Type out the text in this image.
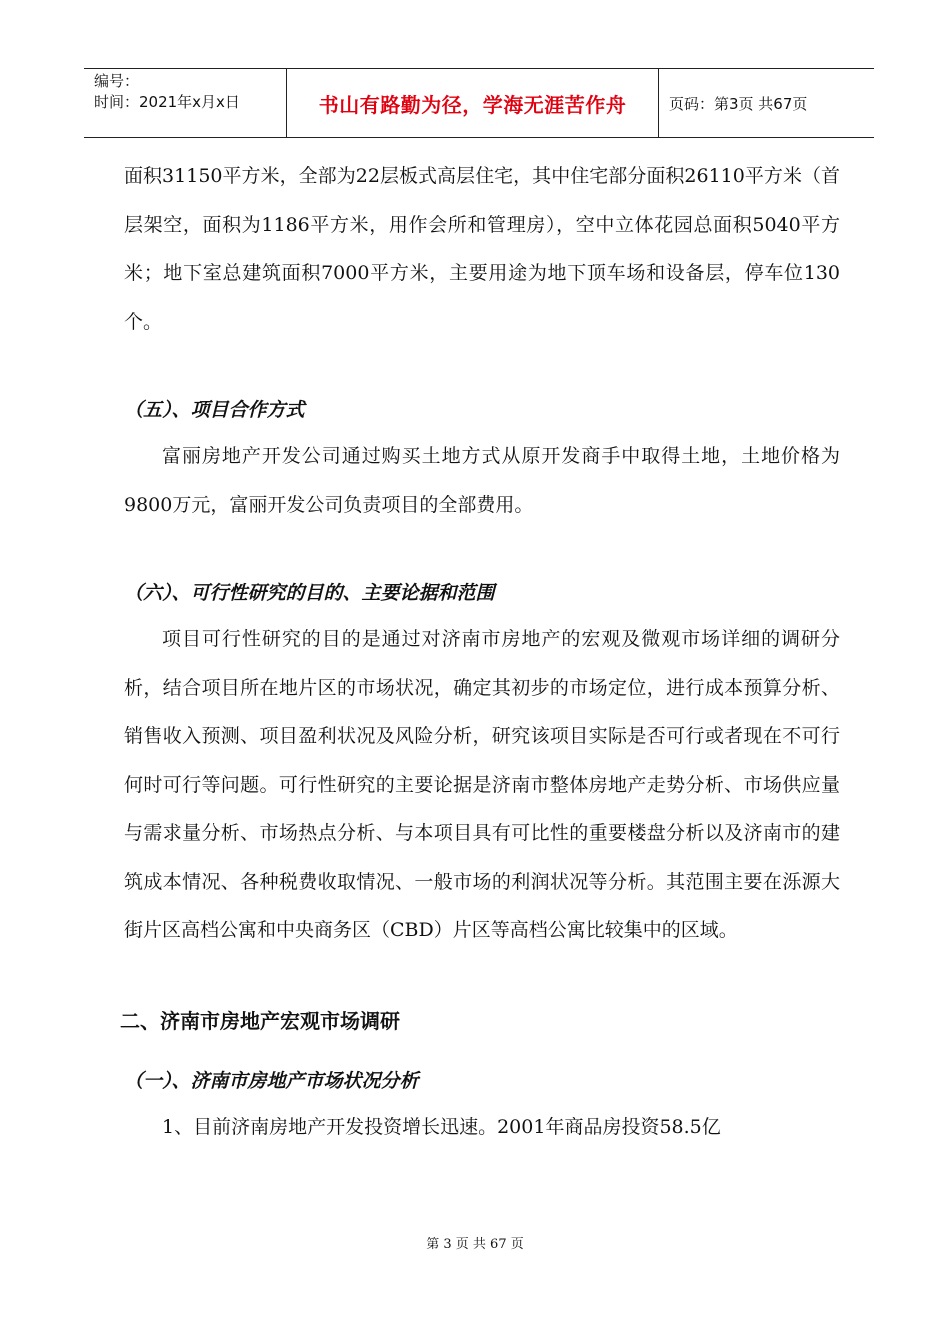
编号：
时间：2021年x月x日	书山有路勤为径，学海无涯苦作舟	页码：第3页 共67页

面积31150平方米，全部为22层板式高层住宅，其中住宅部分面积26110平方米（首层架空，面积为1186平方米，用作会所和管理房），空中立体花园总面积5040平方米；地下室总建筑面积7000平方米，主要用途为地下顶车场和设备层，停车位130个。

（五）、项目合作方式

富丽房地产开发公司通过购买土地方式从原开发商手中取得土地，土地价格为9800万元，富丽开发公司负责项目的全部费用。

（六）、可行性研究的目的、主要论据和范围

项目可行性研究的目的是通过对济南市房地产的宏观及微观市场详细的调研分析，结合项目所在地片区的市场状况，确定其初步的市场定位，进行成本预算分析、销售收入预测、项目盈利状况及风险分析，研究该项目实际是否可行或者现在不可行何时可行等问题。可行性研究的主要论据是济南市整体房地产走势分析、市场供应量与需求量分析、市场热点分析、与本项目具有可比性的重要楼盘分析以及济南市的建筑成本情况、各种税费收取情况、一般市场的利润状况等分析。其范围主要在泺源大街片区高档公寓和中央商务区（CBD）片区等高档公寓比较集中的区域。

二、济南市房地产宏观市场调研

（一）、济南市房地产市场状况分析

1、目前济南房地产开发投资增长迅速。2001年商品房投资58.5亿

第 3 页 共 67 页
